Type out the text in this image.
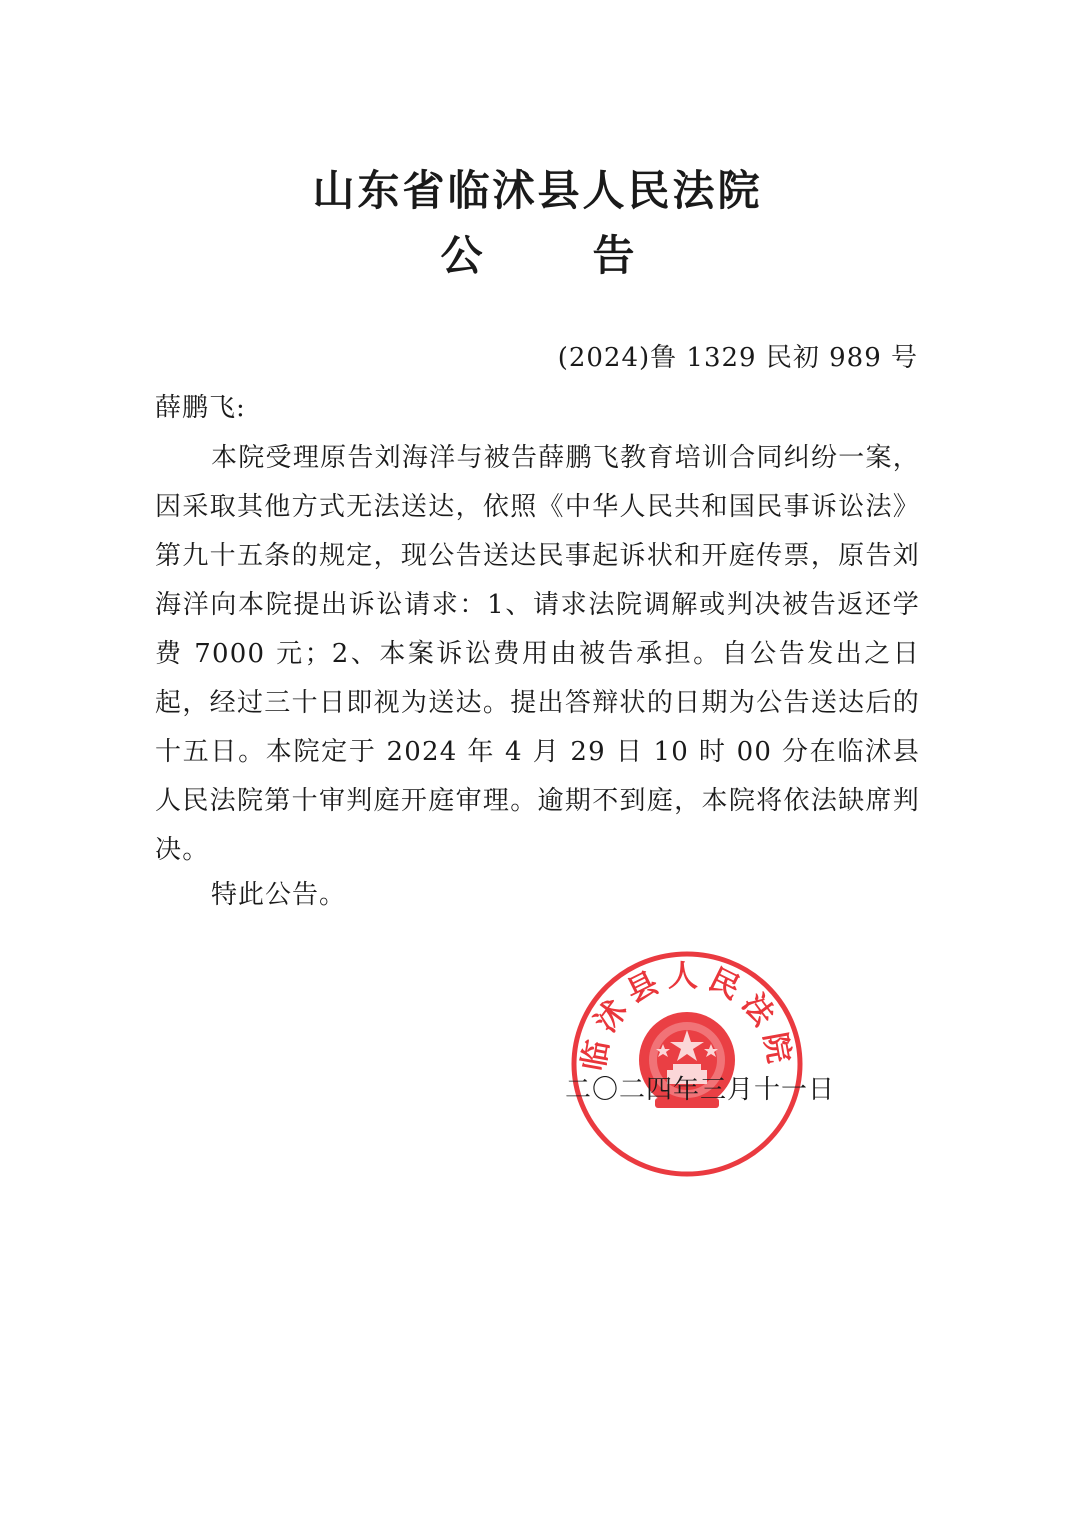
山东省临沭县人民法院
公	告
(2024)鲁 1329 民初 989 号
薛鹏飞:

本院受理原告刘海洋与被告薛鹏飞教育培训合同纠纷一案，因采取其他方式无法送达，依照《中华人民共和国民事诉讼法》第九十五条的规定，现公告送达民事起诉状和开庭传票，原告刘海洋向本院提出诉讼请求：1、请求法院调解或判决被告返还学费 7000 元；2、本案诉讼费用由被告承担。自公告发出之日起，经过三十日即视为送达。提出答辩状的日期为公告送达后的十五日。本院定于 2024 年 4 月 29 日 10 时 00 分在临沭县人民法院第十审判庭开庭审理。逾期不到庭，本院将依法缺席判决。

特此公告。
临沭县人民法院
二〇二四年三月十一日
